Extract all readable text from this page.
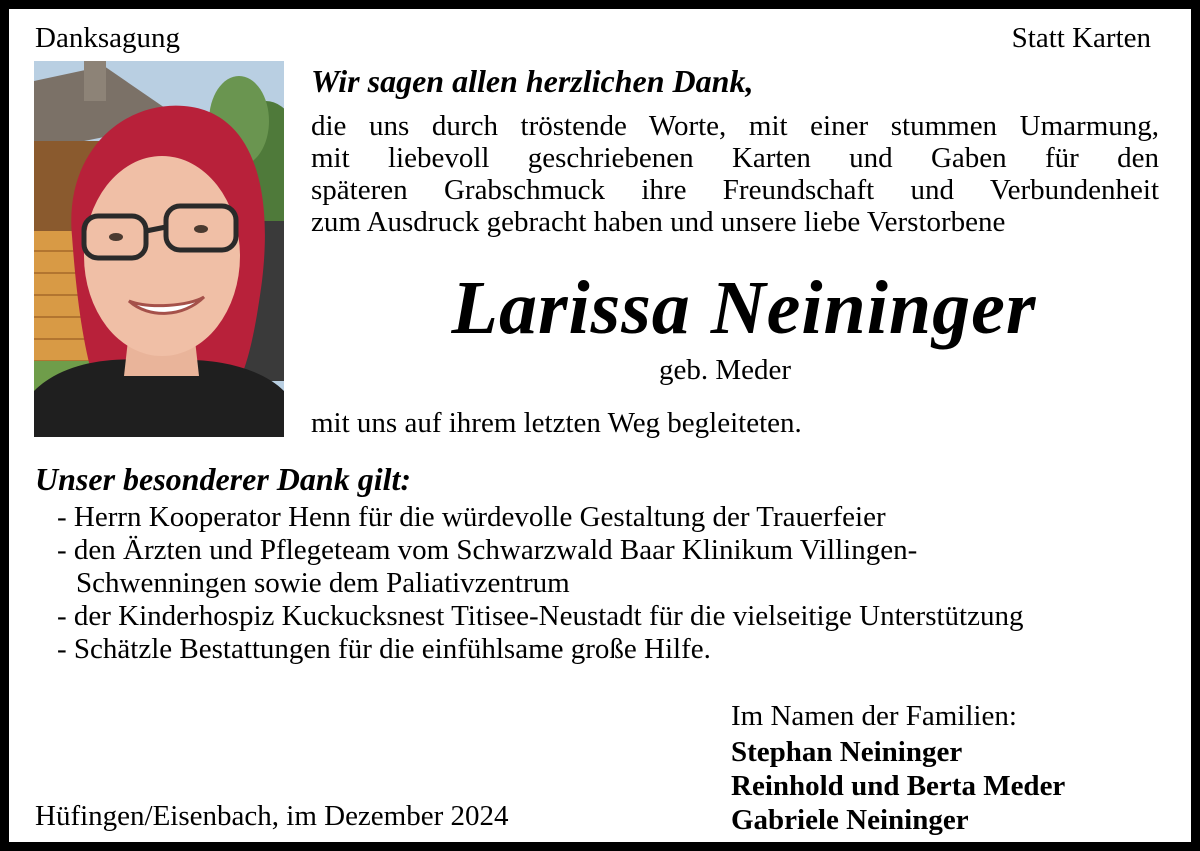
Danksagung	Statt Karten
Wir sagen allen herzlichen Dank,
die uns durch tröstende Worte, mit einer stummen Umarmung,
mit liebevoll geschriebenen Karten und Gaben für den
späteren Grabschmuck ihre Freundschaft und Verbundenheit
zum Ausdruck gebracht haben und unsere liebe Verstorbene
Larissa Neininger
geb. Meder
mit uns auf ihrem letzten Weg begleiteten.
Unser besonderer Dank gilt:
- Herrn Kooperator Henn für die würdevolle Gestaltung der Trauerfeier
- den Ärzten und Pflegeteam vom Schwarzwald Baar Klinikum Villingen-
Schwenningen sowie dem Paliativzentrum
- der Kinderhospiz Kuckucksnest Titisee-Neustadt für die vielseitige Unterstützung
- Schätzle Bestattungen für die einfühlsame große Hilfe.
Im Namen der Familien:
Stephan Neininger
Reinhold und Berta Meder
Gabriele Neininger
Hüfingen/Eisenbach, im Dezember 2024
